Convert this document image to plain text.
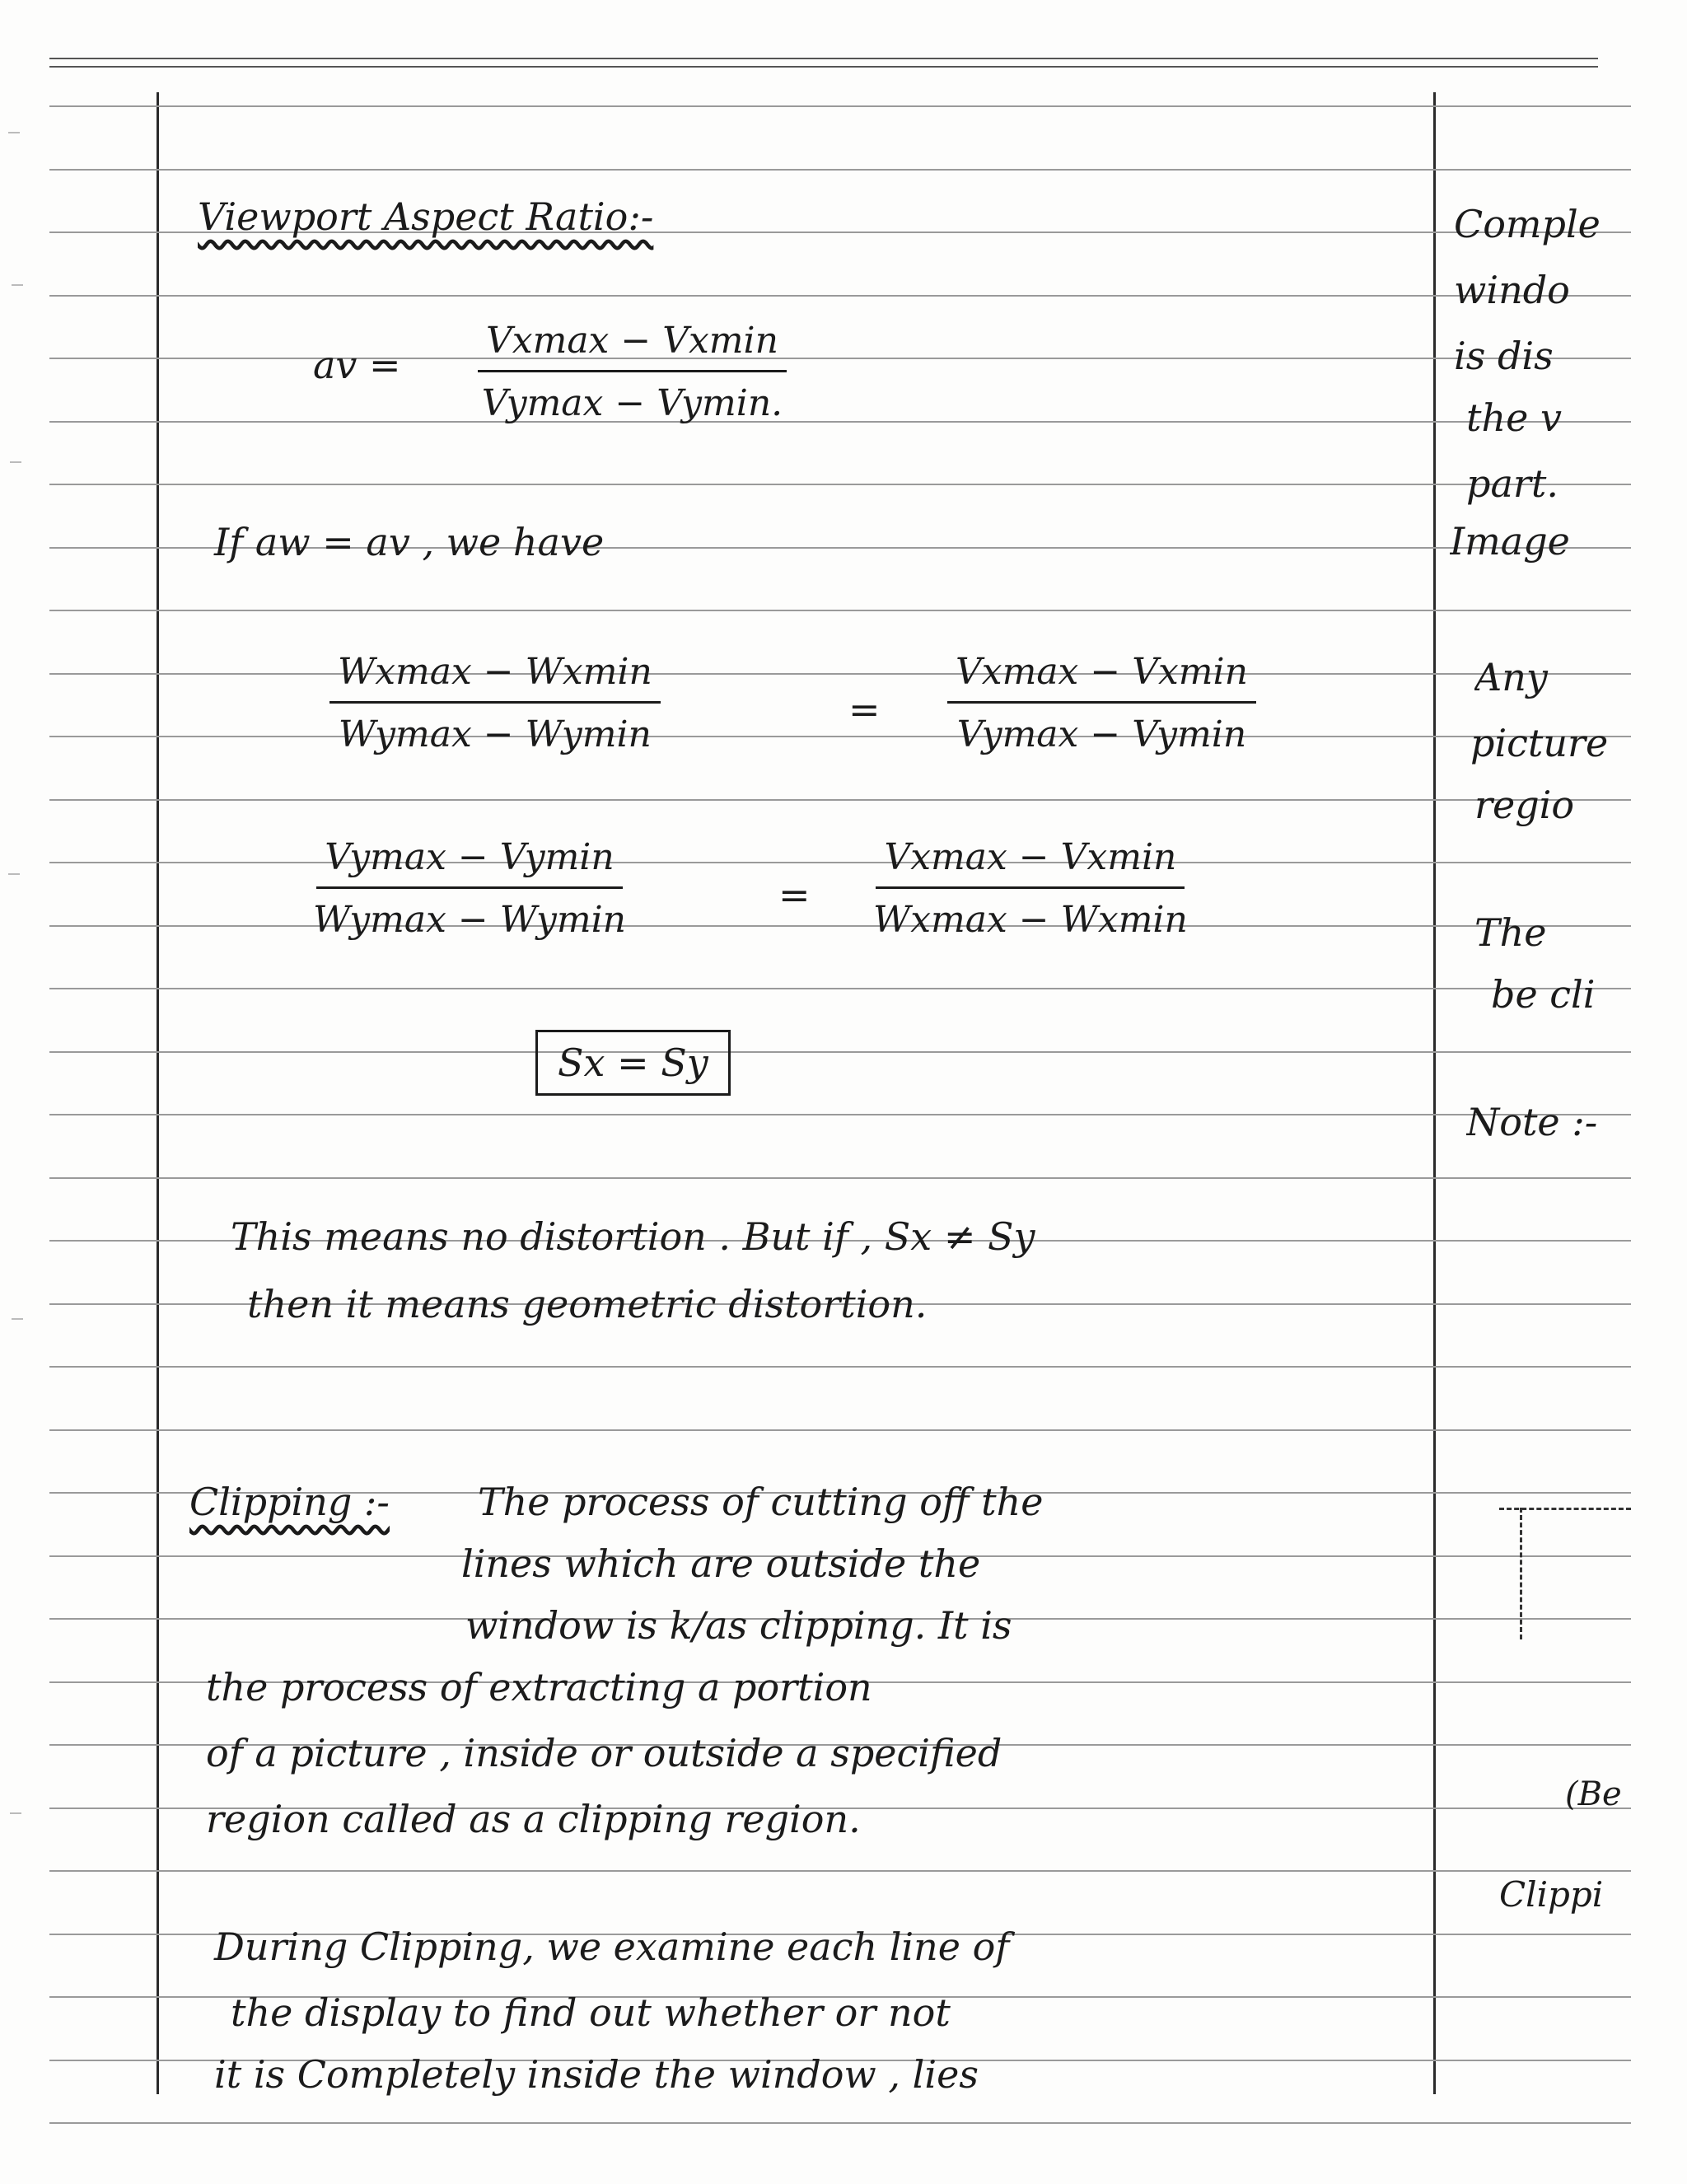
Viewport Aspect Ratio:-
av =
Vxmax − Vxmin
Vymax − Vymin.
If aw = av , we have
Wxmax − Wxmin
Wymax − Wymin
=
Vxmax − Vxmin
Vymax − Vymin
Vymax − Vymin
Wymax − Wymin
=
Vxmax − Vxmin
Wxmax − Wxmin
Sx = Sy
This means no distortion . But if , Sx ≠ Sy
then it means geometric distortion.
Clipping :- The process of cutting off the
lines which are outside the
window is k/as clipping. It is
the process of extracting a portion
of a picture , inside or outside a specified
region called as a clipping region.
During Clipping, we examine each line of
the display to find out whether or not
it is Completely inside the window , lies
Comple
windo
is dis
the v
part.
Image
Any
picture
regio
The
be cli
Note :-
(Be
Clippi
